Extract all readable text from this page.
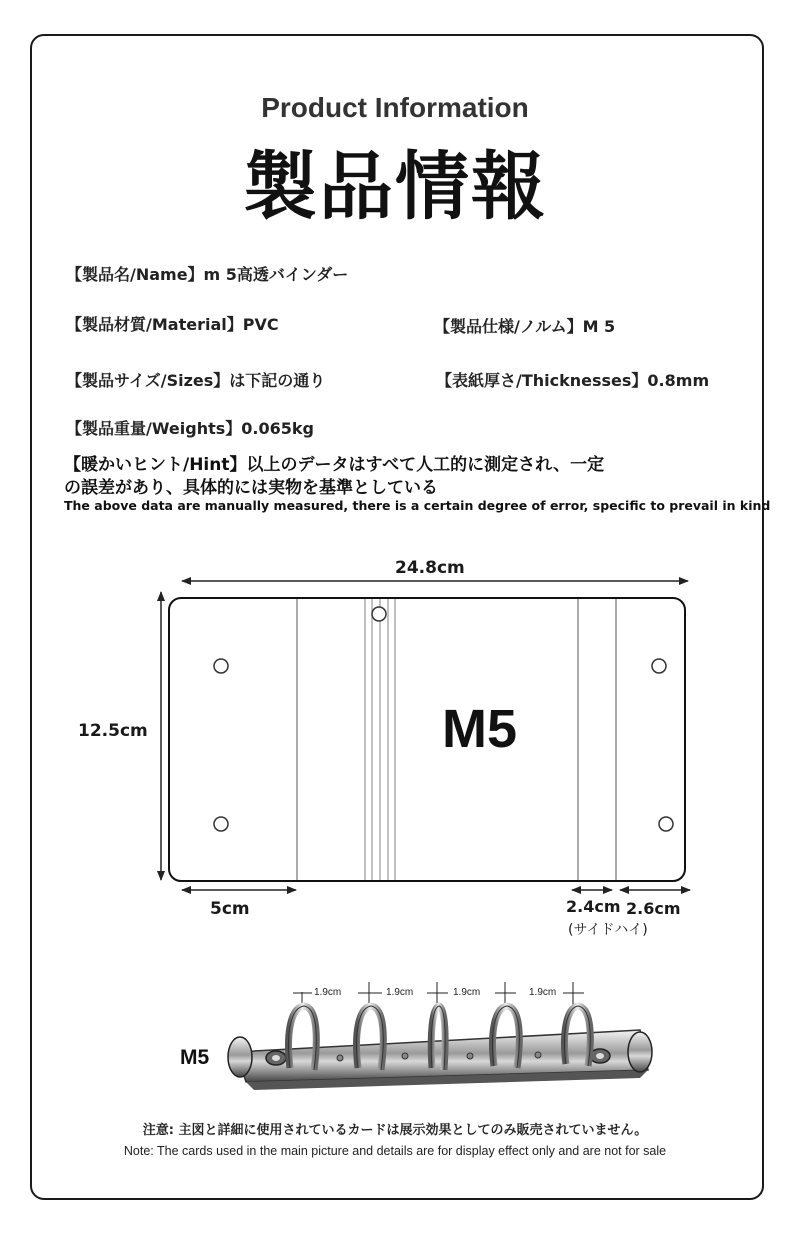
Product Information
製品情報
【製品名/Name】m 5高透バインダー
【製品材質/Material】PVC	【製品仕様/ノルム】M 5
【製品サイズ/Sizes】は下記の通り	【表紙厚さ/Thicknesses】0.8mm
【製品重量/Weights】0.065kg
【暖かいヒント/Hint】以上のデータはすべて人工的に測定され、一定
の誤差があり、具体的には実物を基準としている
The above data are manually measured, there is a certain degree of error, specific to prevail in kind
24.8cm
12.5cm	M5
5cm	2.4cm 2.6cm
(サイドハイ)
M5
1.9cm	1.9cm	1.9cm	1.9cm
注意: 主図と詳細に使用されているカードは展示効果としてのみ販売されていません。
Note: The cards used in the main picture and details are for display effect only and are not for sale
